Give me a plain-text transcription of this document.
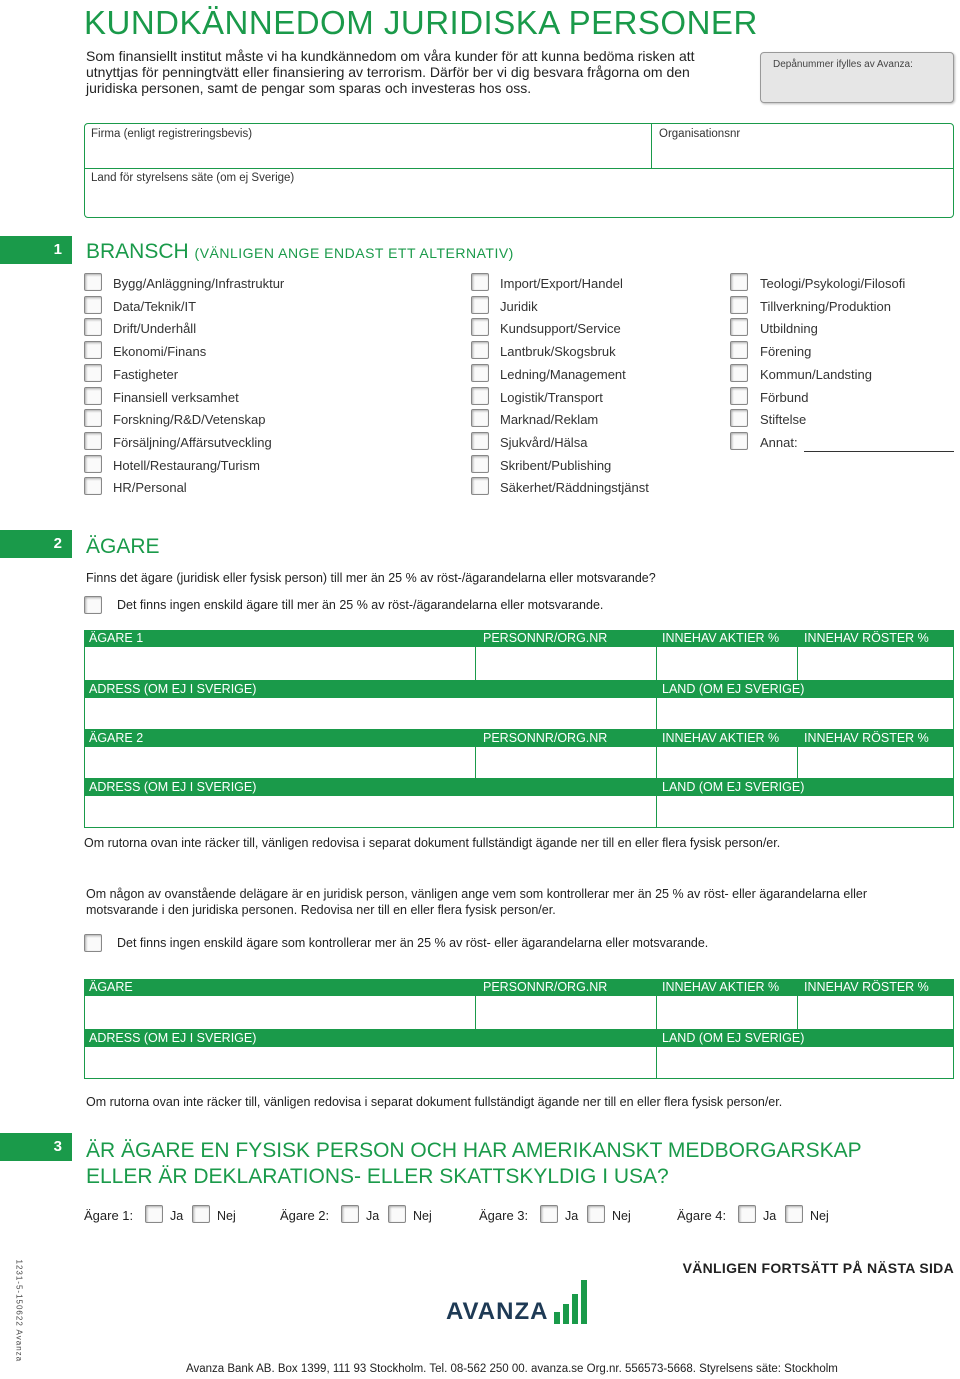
KUNDKÄNNEDOM JURIDISKA PERSONER

Som finansiellt institut måste vi ha kundkännedom om våra kunder för att kunna bedöma risken att utnyttjas för penningtvätt eller finansiering av terrorism. Därför ber vi dig besvara frågorna om den juridiska personen, samt de pengar som sparas och investeras hos oss.

Depånummer ifylles av Avanza:
Firma (enligt registreringsbevis)	Organisationsnr
Land för styrelsens säte (om ej Sverige)
1	BRANSCH (VÄNLIGEN ANGE ENDAST ETT ALTERNATIV)
Bygg/Anläggning/Infrastruktur
Data/Teknik/IT
Drift/Underhåll
Ekonomi/Finans
Fastigheter
Finansiell verksamhet
Forskning/R&D/Vetenskap
Försäljning/Affärsutveckling
Hotell/Restaurang/Turism
HR/Personal
Import/Export/Handel
Juridik
Kundsupport/Service
Lantbruk/Skogsbruk
Ledning/Management
Logistik/Transport
Marknad/Reklam
Sjukvård/Hälsa
Skribent/Publishing
Säkerhet/Räddningstjänst
Teologi/Psykologi/Filosofi
Tillverkning/Produktion
Utbildning
Förening
Kommun/Landsting
Förbund
Stiftelse
Annat:
2	ÄGARE

Finns det ägare (juridisk eller fysisk person) till mer än 25 % av röst-/ägarandelarna eller motsvarande?

Det finns ingen enskild ägare till mer än 25 % av röst-/ägarandelarna eller motsvarande.

ÄGARE 1	PERSONNR/ORG.NR	INNEHAV AKTIER % INNEHAV RÖSTER %
ADRESS (OM EJ I SVERIGE)	LAND (OM EJ SVERIGE)
ÄGARE 2	PERSONNR/ORG.NR	INNEHAV AKTIER % INNEHAV RÖSTER %
ADRESS (OM EJ I SVERIGE)	LAND (OM EJ SVERIGE)

Om rutorna ovan inte räcker till, vänligen redovisa i separat dokument fullständigt ägande ner till en eller flera fysisk person/er.

Om någon av ovanstående delägare är en juridisk person, vänligen ange vem som kontrollerar mer än 25 % av röst- eller ägarandelarna eller motsvarande i den juridiska personen. Redovisa ner till en eller flera fysisk person/er.

Det finns ingen enskild ägare som kontrollerar mer än 25 % av röst- eller ägarandelarna eller motsvarande.

ÄGARE	PERSONNR/ORG.NR	INNEHAV AKTIER % INNEHAV RÖSTER %
ADRESS (OM EJ I SVERIGE)	LAND (OM EJ SVERIGE)

Om rutorna ovan inte räcker till, vänligen redovisa i separat dokument fullständigt ägande ner till en eller flera fysisk person/er.

3	ÄR ÄGARE EN FYSISK PERSON OCH HAR AMERIKANSKT MEDBORGARSKAP
ELLER ÄR DEKLARATIONS- ELLER SKATTSKYLDIG I USA?
Ägare 1:	Ja	Nej	Ägare 2:	Ja	Nej	Ägare 3:	Ja	Nej	Ägare 4:	Ja	Nej
VÄNLIGEN FORTSÄTT PÅ NÄSTA SIDA
AVANZA
1231-5-150622 Avanza
Avanza Bank AB. Box 1399, 111 93 Stockholm. Tel. 08-562 250 00. avanza.se Org.nr. 556573-5668. Styrelsens säte: Stockholm
